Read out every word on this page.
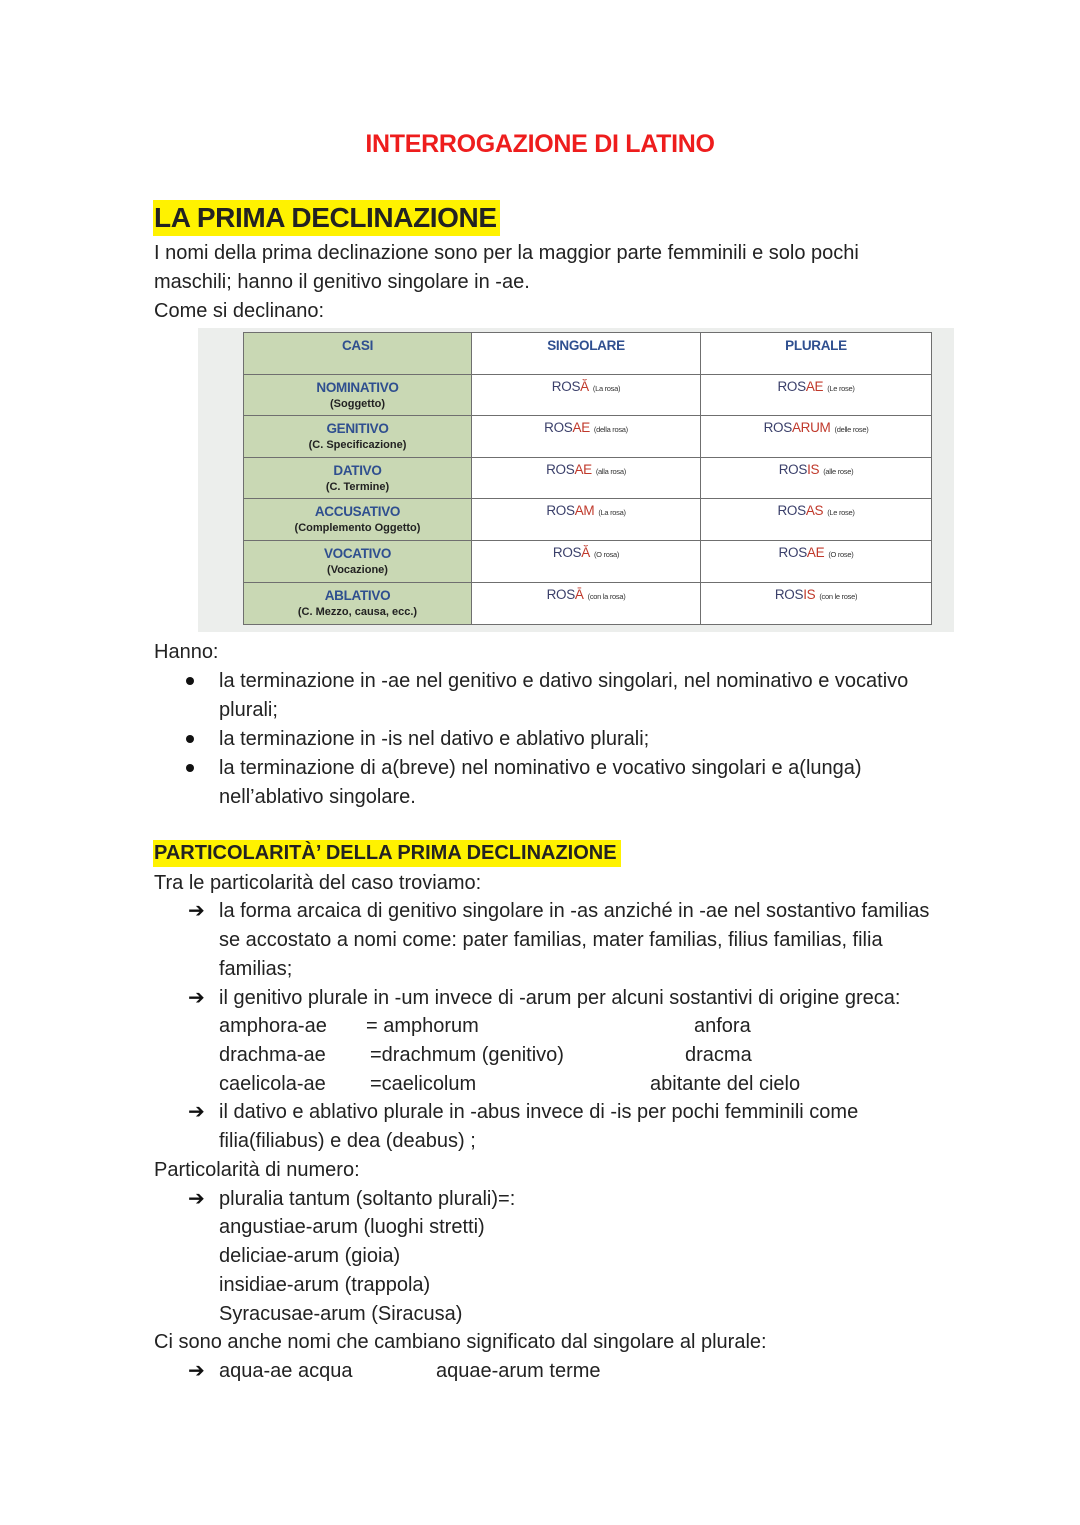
INTERROGAZIONE DI LATINO
LA PRIMA DECLINAZIONE
I nomi della prima declinazione sono per la maggior parte femminili e solo pochi
maschili; hanno il genitivo singolare in -ae.
Come si declinano:
CASI	SINGOLARE	PLURALE

NOMINATIVO
(Soggetto)	ROSĂ (La rosa)	ROSAE (Le rose)

GENITIVO
(C. Specificazione)	ROSAE (della rosa)	ROSARUM (delle rose)

DATIVO
(C. Termine)	ROSAE (alla rosa)	ROSIS (alle rose)

ACCUSATIVO
(Complemento Oggetto)	ROSAM (La rosa)	ROSAS (Le rose)

VOCATIVO
(Vocazione)	ROSĂ (O rosa)	ROSAE (O rose)

ABLATIVO
(C. Mezzo, causa, ecc.)	ROSĀ (con la rosa)	ROSIS (con le rose)
Hanno:
la terminazione in -ae nel genitivo e dativo singolari, nel nominativo e vocativo
plurali;
la terminazione in -is nel dativo e ablativo plurali;
la terminazione di a(breve) nel nominativo e vocativo singolari e a(lunga)
nell’ablativo singolare.
PARTICOLARITÀ’ DELLA PRIMA DECLINAZIONE
Tra le particolarità del caso troviamo:
➔ la forma arcaica di genitivo singolare in -as anziché in -ae nel sostantivo familias
se accostato a nomi come: pater familias, mater familias, filius familias, filia
familias;
➔ il genitivo plurale in -um invece di -arum per alcuni sostantivi di origine greca:
amphora-ae = amphorum	anfora
drachma-ae =drachmum (genitivo)	dracma
caelicola-ae =caelicolum	abitante del cielo
➔ il dativo e ablativo plurale in -abus invece di -is per pochi femminili come
filia(filiabus) e dea (deabus) ;
Particolarità di numero:
➔ pluralia tantum (soltanto plurali)=:
angustiae-arum (luoghi stretti)
deliciae-arum (gioia)
insidiae-arum (trappola)
Syracusae-arum (Siracusa)
Ci sono anche nomi che cambiano significato dal singolare al plurale:
➔ aqua-ae acqua	aquae-arum terme
